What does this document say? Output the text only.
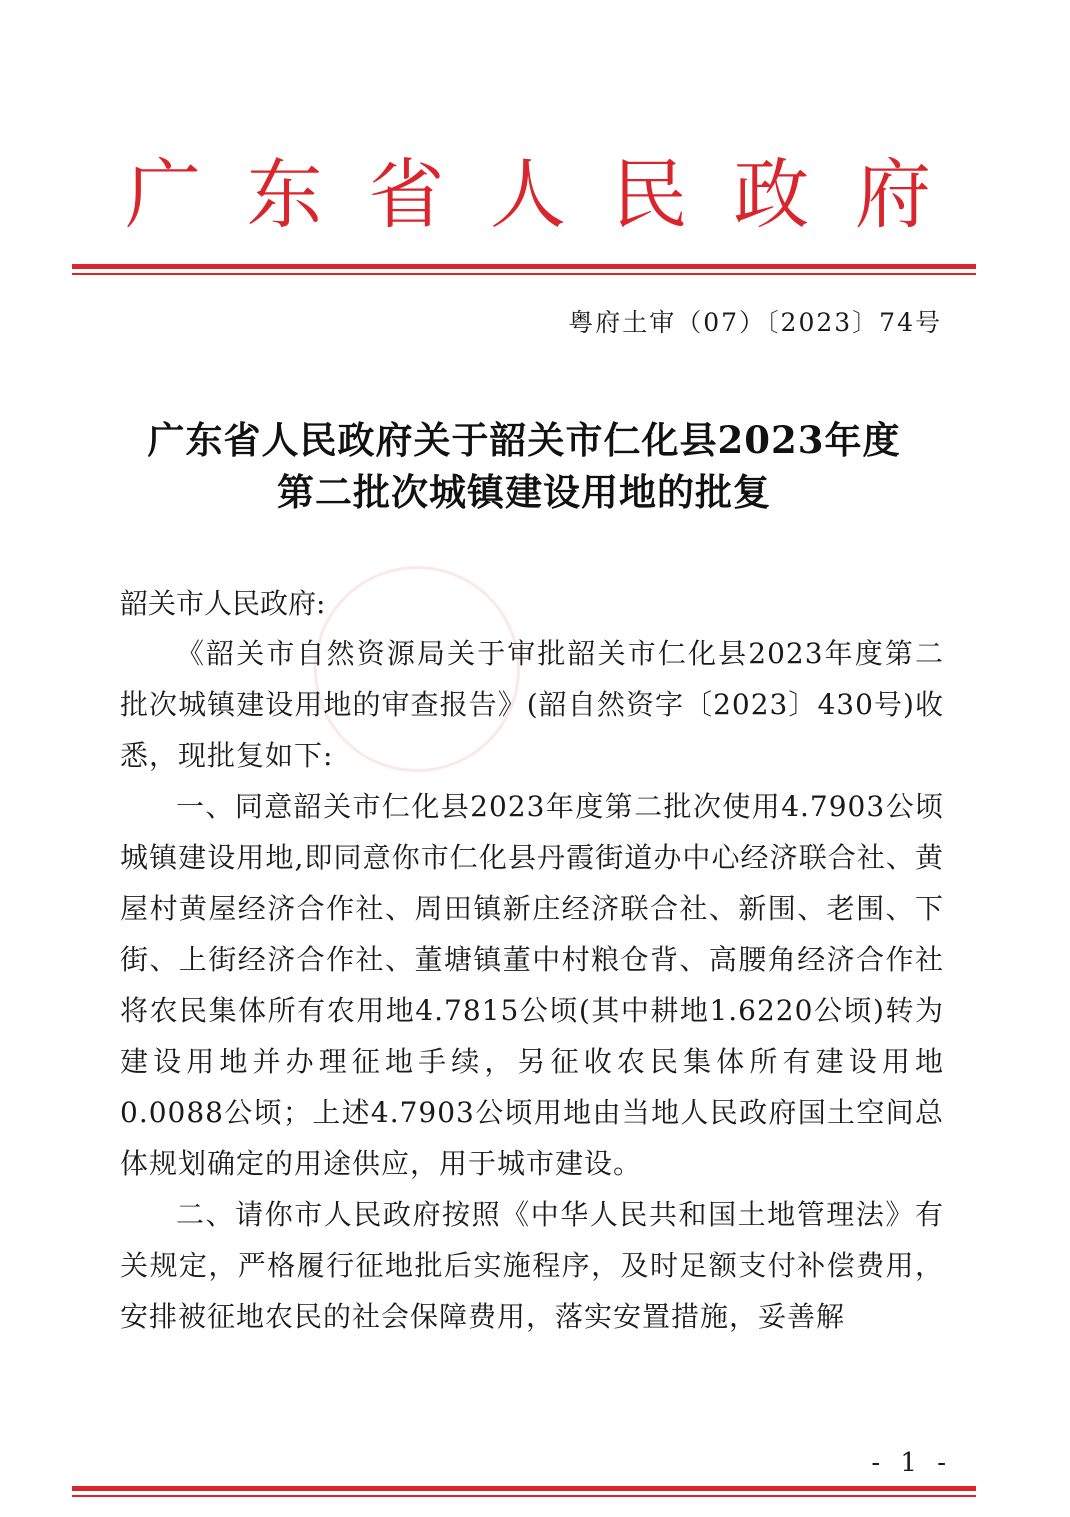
广 东 省 人 民 政 府
粤府土审（07）〔2023〕74号
广东省人民政府关于韶关市仁化县2023年度
第二批次城镇建设用地的批复
韶关市人民政府:

《韶关市自然资源局关于审批韶关市仁化县2023年度第二批次城镇建设用地的审查报告》(韶自然资字〔2023〕430号)收悉，现批复如下:

一、同意韶关市仁化县2023年度第二批次使用4.7903公顷城镇建设用地,即同意你市仁化县丹霞街道办中心经济联合社、黄屋村黄屋经济合作社、周田镇新庄经济联合社、新围、老围、下街、上街经济合作社、董塘镇董中村粮仓背、高腰角经济合作社将农民集体所有农用地4.7815公顷(其中耕地1.6220公顷)转为建设用地并办理征地手续，另征收农民集体所有建设用地0.0088公顷；上述4.7903公顷用地由当地人民政府国土空间总体规划确定的用途供应，用于城市建设。

二、请你市人民政府按照《中华人民共和国土地管理法》有关规定，严格履行征地批后实施程序，及时足额支付补偿费用，安排被征地农民的社会保障费用，落实安置措施，妥善解

- 1 -
